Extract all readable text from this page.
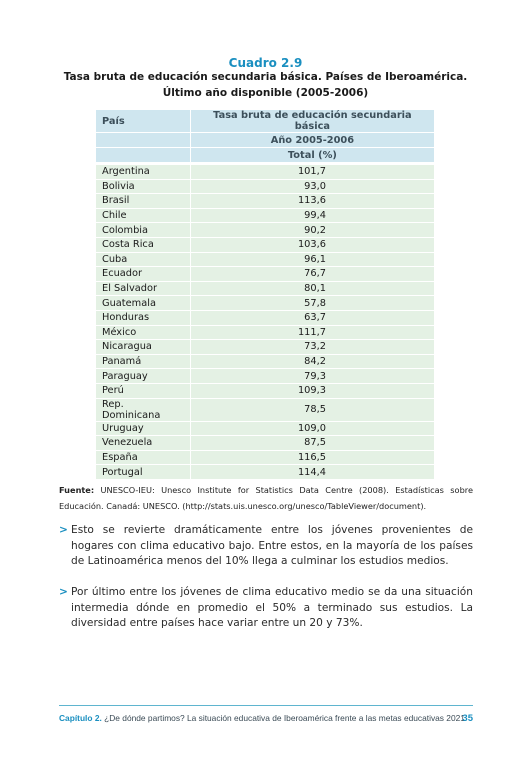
Cuadro 2.9
Tasa bruta de educación secundaria básica. Países de Iberoamérica.
Último año disponible (2005-2006)
País	Tasa bruta de educación secundaria básica
	Año 2005-2006
	Total (%)
Argentina	101,7
Bolivia	93,0
Brasil	113,6
Chile	99,4
Colombia	90,2
Costa Rica	103,6
Cuba	96,1
Ecuador	76,7
El Salvador	80,1
Guatemala	57,8
Honduras	63,7
México	111,7
Nicaragua	73,2
Panamá	84,2
Paraguay	79,3
Perú	109,3
Rep. Dominicana	78,5
Uruguay	109,0
Venezuela	87,5
España	116,5
Portugal	114,4
Fuente: UNESCO-IEU: Unesco Institute for Statistics Data Centre (2008). Estadísticas sobre Educación. Canadá: UNESCO. (http://stats.uis.unesco.org/unesco/TableViewer/document).
> Esto se revierte dramáticamente entre los jóvenes provenientes de hogares con clima educativo bajo. Entre estos, en la mayoría de los países de Latinoamérica menos del 10% llega a culminar los estudios medios.
> Por último entre los jóvenes de clima educativo medio se da una situación intermedia dónde en promedio el 50% a terminado sus estudios. La diversidad entre países hace variar entre un 20 y 73%.
Capítulo 2. ¿De dónde partimos? La situación educativa de Iberoamérica frente a las metas educativas 2021
35
